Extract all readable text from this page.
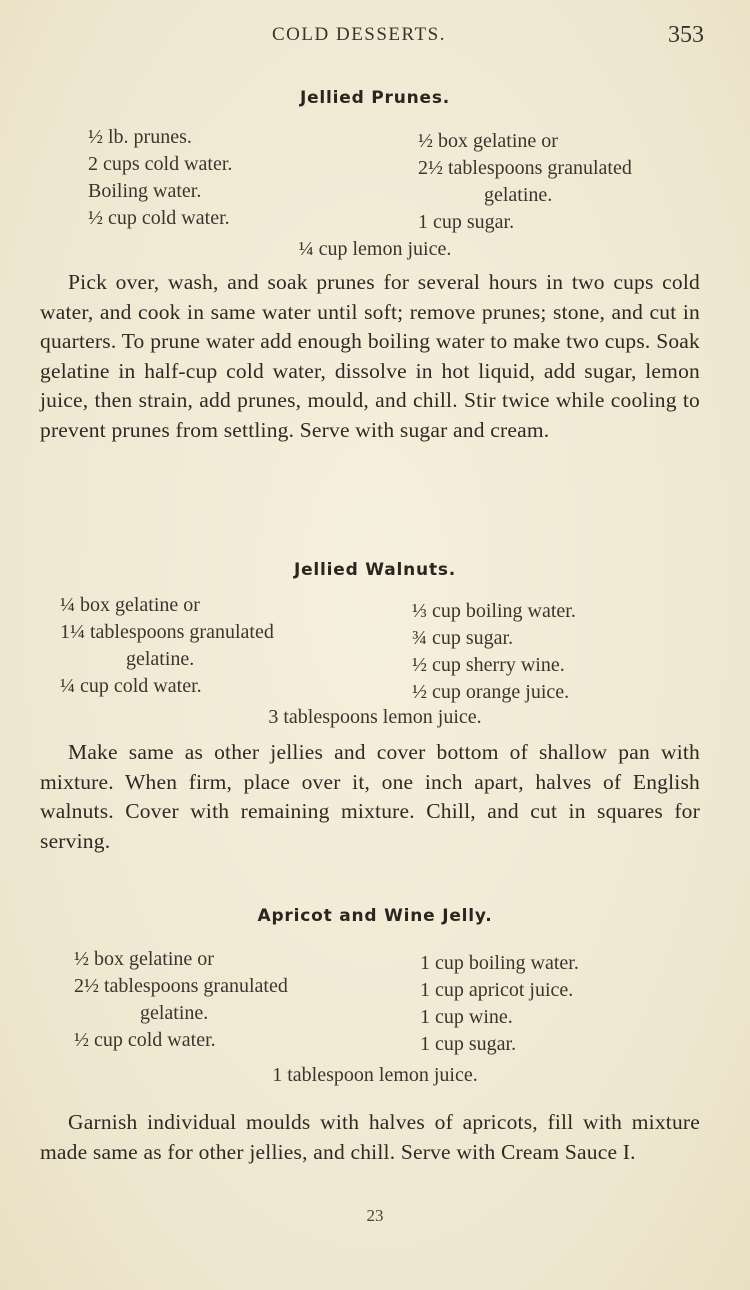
COLD DESSERTS.	353
Jellied Prunes.
½ lb. prunes.
2 cups cold water.
Boiling water.
½ cup cold water.
½ box gelatine or
2½ tablespoons granulated
gelatine.
1 cup sugar.
¼ cup lemon juice.

Pick over, wash, and soak prunes for several hours in two cups cold water, and cook in same water until soft; remove prunes; stone, and cut in quarters. To prune water add enough boiling water to make two cups. Soak gelatine in half-cup cold water, dissolve in hot liquid, add sugar, lemon juice, then strain, add prunes, mould, and chill. Stir twice while cooling to prevent prunes from settling. Serve with sugar and cream.

Jellied Walnuts.
¼ box gelatine or
1¼ tablespoons granulated
gelatine.
¼ cup cold water.
⅓ cup boiling water.
¾ cup sugar.
½ cup sherry wine.
½ cup orange juice.
3 tablespoons lemon juice.

Make same as other jellies and cover bottom of shallow pan with mixture. When firm, place over it, one inch apart, halves of English walnuts. Cover with remaining mixture. Chill, and cut in squares for serving.

Apricot and Wine Jelly.
½ box gelatine or
2½ tablespoons granulated
gelatine.
½ cup cold water.
1 cup boiling water.
1 cup apricot juice.
1 cup wine.
1 cup sugar.
1 tablespoon lemon juice.

Garnish individual moulds with halves of apricots, fill with mixture made same as for other jellies, and chill. Serve with Cream Sauce I.

23
